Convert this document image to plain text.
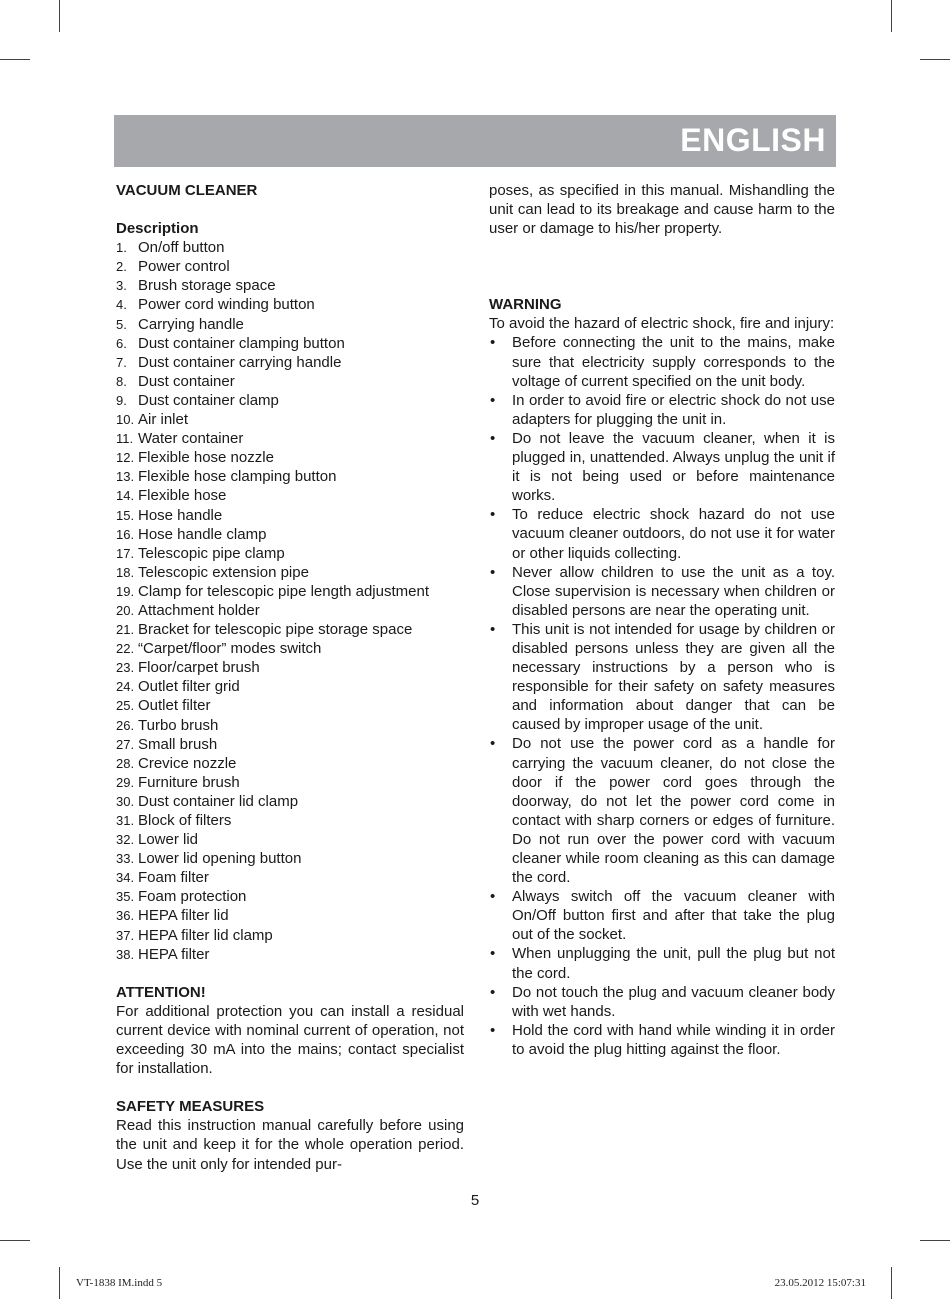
ENGLISH
VACUUM CLEANER
Description
1. On/off button
2. Power control
3. Brush storage space
4. Power cord winding button
5. Carrying handle
6. Dust container clamping button
7. Dust container carrying handle
8. Dust container
9. Dust container clamp
10. Air inlet
11. Water container
12. Flexible hose nozzle
13. Flexible hose clamping button
14. Flexible hose
15. Hose handle
16. Hose handle clamp
17. Telescopic pipe clamp
18. Telescopic extension pipe
19. Clamp for telescopic pipe length adjustment
20. Attachment holder
21. Bracket for telescopic pipe storage space
22. “Carpet/floor” modes switch
23. Floor/carpet brush
24. Outlet filter grid
25. Outlet filter
26. Turbo brush
27. Small brush
28. Crevice nozzle
29. Furniture brush
30. Dust container lid clamp
31. Block of filters
32. Lower lid
33. Lower lid opening button
34. Foam filter
35. Foam protection
36. HEPA filter lid
37. HEPA filter lid clamp
38. HEPA filter
ATTENTION!

For additional protection you can install a residual current device with nominal current of operation, not exceeding 30 mA into the mains; contact specialist for installation.

SAFETY MEASURES

Read this instruction manual carefully before using the unit and keep it for the whole operation period. Use the unit only for intended pur-

poses, as specified in this manual. Mishandling the unit can lead to its breakage and cause harm to the user or damage to his/her property.

WARNING

To avoid the hazard of electric shock, fire and injury:

•	Before connecting the unit to the mains, make sure that electricity supply corresponds to the voltage of current specified on the unit body.
•	In order to avoid fire or electric shock do not use adapters for plugging the unit in.
•	Do not leave the vacuum cleaner, when it is plugged in, unattended. Always unplug the unit if it is not being used or before maintenance works.
•	To reduce electric shock hazard do not use vacuum cleaner outdoors, do not use it for water or other liquids collecting.
•	Never allow children to use the unit as a toy. Close supervision is necessary when children or disabled persons are near the operating unit.
•	This unit is not intended for usage by children or disabled persons unless they are given all the necessary instructions by a person who is responsible for their safety on safety measures and information about danger that can be caused by improper usage of the unit.
•	Do not use the power cord as a handle for carrying the vacuum cleaner, do not close the door if the power cord goes through the doorway, do not let the power cord come in contact with sharp corners or edges of furniture. Do not run over the power cord with vacuum cleaner while room cleaning as this can damage the cord.
•	Always switch off the vacuum cleaner with On/Off button first and after that take the plug out of the socket.
•	When unplugging the unit, pull the plug but not the cord.
•	Do not touch the plug and vacuum cleaner body with wet hands.
•	Hold the cord with hand while winding it in order to avoid the plug hitting against the floor.
5
VT-1838 IM.indd 5	23.05.2012 15:07:31
